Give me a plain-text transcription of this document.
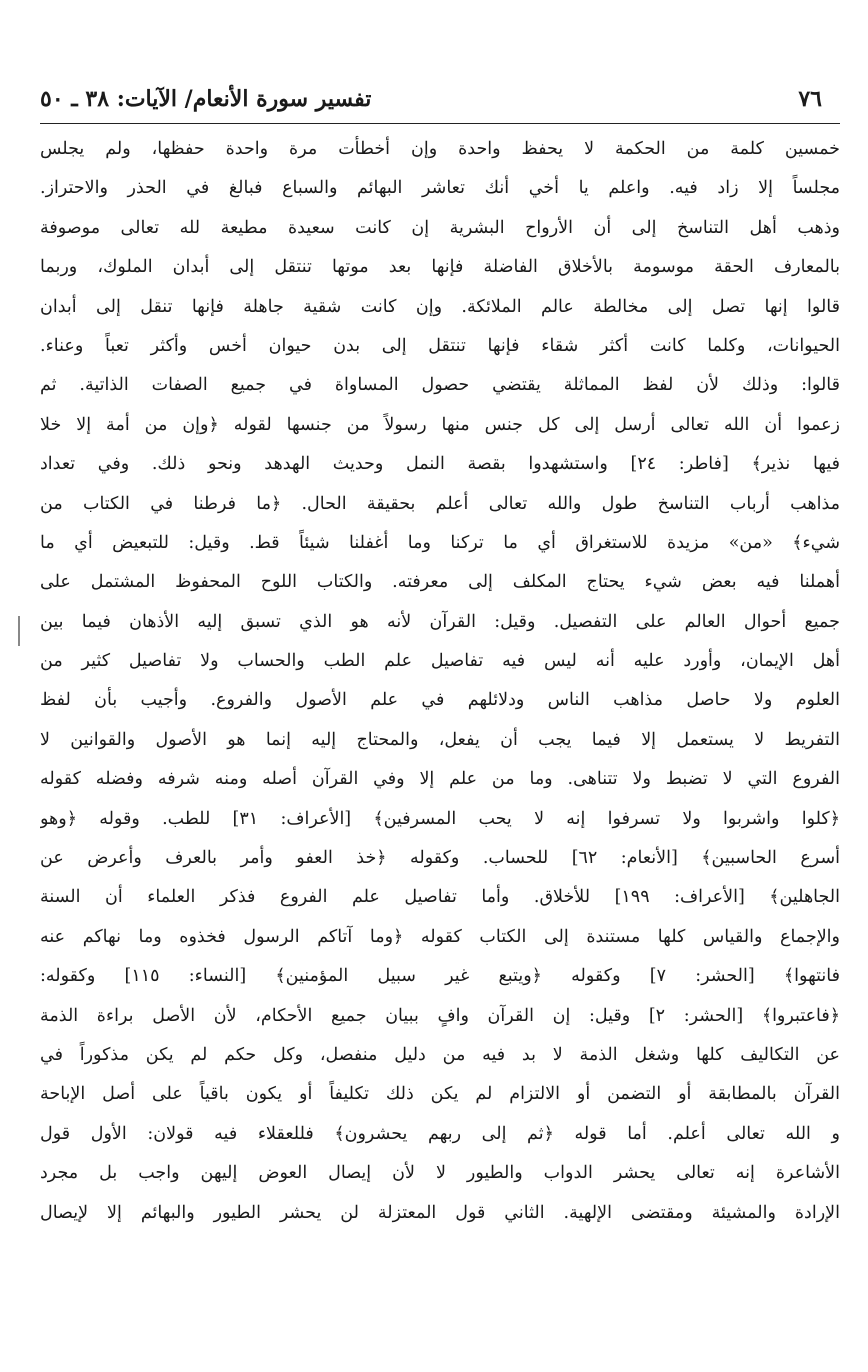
٧٦
تفسير سورة الأنعام/ الآيات: ٣٨ ـ ٥٠
خمسين كلمة من الحكمة لا يحفظ واحدة وإن أخطأت مرة واحدة حفظها، ولم يجلس
مجلساً إلا زاد فيه. واعلم يا أخي أنك تعاشر البهائم والسباع فبالغ في الحذر والاحتراز.
وذهب أهل التناسخ إلى أن الأرواح البشرية إن كانت سعيدة مطيعة لله تعالى موصوفة
بالمعارف الحقة موسومة بالأخلاق الفاضلة فإنها بعد موتها تنتقل إلى أبدان الملوك، وربما
قالوا إنها تصل إلى مخالطة عالم الملائكة. وإن كانت شقية جاهلة فإنها تنقل إلى أبدان
الحيوانات، وكلما كانت أكثر شقاء فإنها تنتقل إلى بدن حيوان أخس وأكثر تعباً وعناء.
قالوا: وذلك لأن لفظ المماثلة يقتضي حصول المساواة في جميع الصفات الذاتية. ثم
زعموا أن الله تعالى أرسل إلى كل جنس منها رسولاً من جنسها لقوله ﴿وإن من أمة إلا خلا
فيها نذير﴾ [فاطر: ٢٤] واستشهدوا بقصة النمل وحديث الهدهد ونحو ذلك. وفي تعداد
مذاهب أرباب التناسخ طول والله تعالى أعلم بحقيقة الحال. ﴿ما فرطنا في الكتاب من
شيء﴾ «من» مزيدة للاستغراق أي ما تركنا وما أغفلنا شيئاً قط. وقيل: للتبعيض أي ما
أهملنا فيه بعض شيء يحتاج المكلف إلى معرفته. والكتاب اللوح المحفوظ المشتمل على
جميع أحوال العالم على التفصيل. وقيل: القرآن لأنه هو الذي تسبق إليه الأذهان فيما بين
أهل الإيمان، وأورد عليه أنه ليس فيه تفاصيل علم الطب والحساب ولا تفاصيل كثير من
العلوم ولا حاصل مذاهب الناس ودلائلهم في علم الأصول والفروع. وأجيب بأن لفظ
التفريط لا يستعمل إلا فيما يجب أن يفعل، والمحتاج إليه إنما هو الأصول والقوانين لا
الفروع التي لا تضبط ولا تتناهى. وما من علم إلا وفي القرآن أصله ومنه شرفه وفضله كقوله
﴿كلوا واشربوا ولا تسرفوا إنه لا يحب المسرفين﴾ [الأعراف: ٣١] للطب. وقوله ﴿وهو
أسرع الحاسبين﴾ [الأنعام: ٦٢] للحساب. وكقوله ﴿خذ العفو وأمر بالعرف وأعرض عن
الجاهلين﴾ [الأعراف: ١٩٩] للأخلاق. وأما تفاصيل علم الفروع فذكر العلماء أن السنة
والإجماع والقياس كلها مستندة إلى الكتاب كقوله ﴿وما آتاكم الرسول فخذوه وما نهاكم عنه
فانتهوا﴾ [الحشر: ٧] وكقوله ﴿ويتبع غير سبيل المؤمنين﴾ [النساء: ١١٥] وكقوله:
﴿فاعتبروا﴾ [الحشر: ٢] وقيل: إن القرآن وافٍ ببيان جميع الأحكام، لأن الأصل براءة الذمة
عن التكاليف كلها وشغل الذمة لا بد فيه من دليل منفصل، وكل حكم لم يكن مذكوراً في
القرآن بالمطابقة أو التضمن أو الالتزام لم يكن ذلك تكليفاً أو يكون باقياً على أصل الإباحة
و الله تعالى أعلم. أما قوله ﴿ثم إلى ربهم يحشرون﴾ فللعقلاء فيه قولان: الأول قول
الأشاعرة إنه تعالى يحشر الدواب والطيور لا لأن إيصال العوض إليهن واجب بل مجرد
الإرادة والمشيئة ومقتضى الإلهية. الثاني قول المعتزلة لن يحشر الطيور والبهائم إلا لإيصال
